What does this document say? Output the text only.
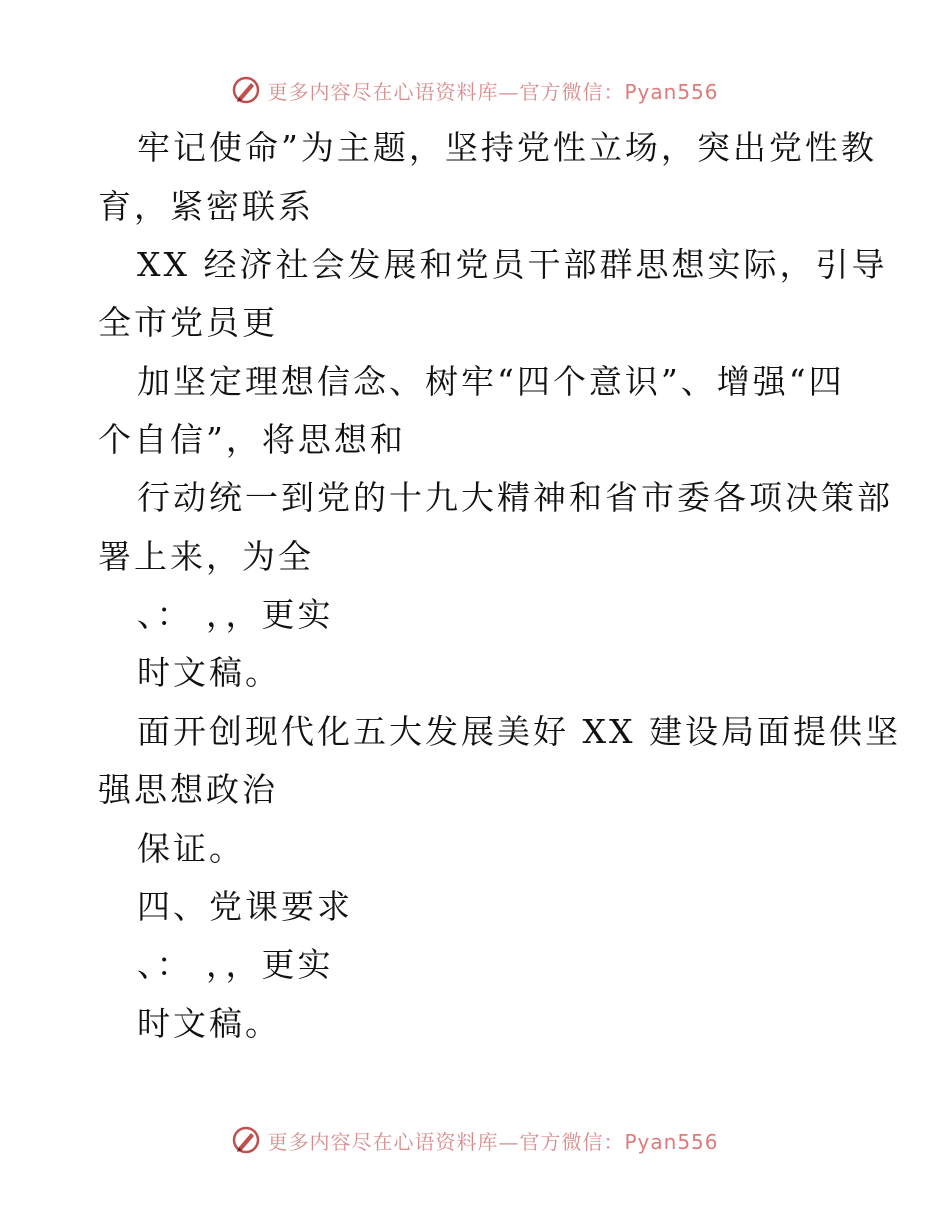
更多内容尽在心语资料库—官方微信：Pyan556
牢记使命”为主题，坚持党性立场，突出党性教
育，紧密联系
XX 经济社会发展和党员干部群思想实际，引导
全市党员更
加坚定理想信念、树牢“四个意识”、增强“四
个自信”，将思想和
行动统一到党的十九大精神和省市委各项决策部
署上来，为全
、： ，，更实
时文稿。
面开创现代化五大发展美好 XX 建设局面提供坚
强思想政治
保证。
四、党课要求
、： ，，更实
时文稿。
更多内容尽在心语资料库—官方微信：Pyan556
